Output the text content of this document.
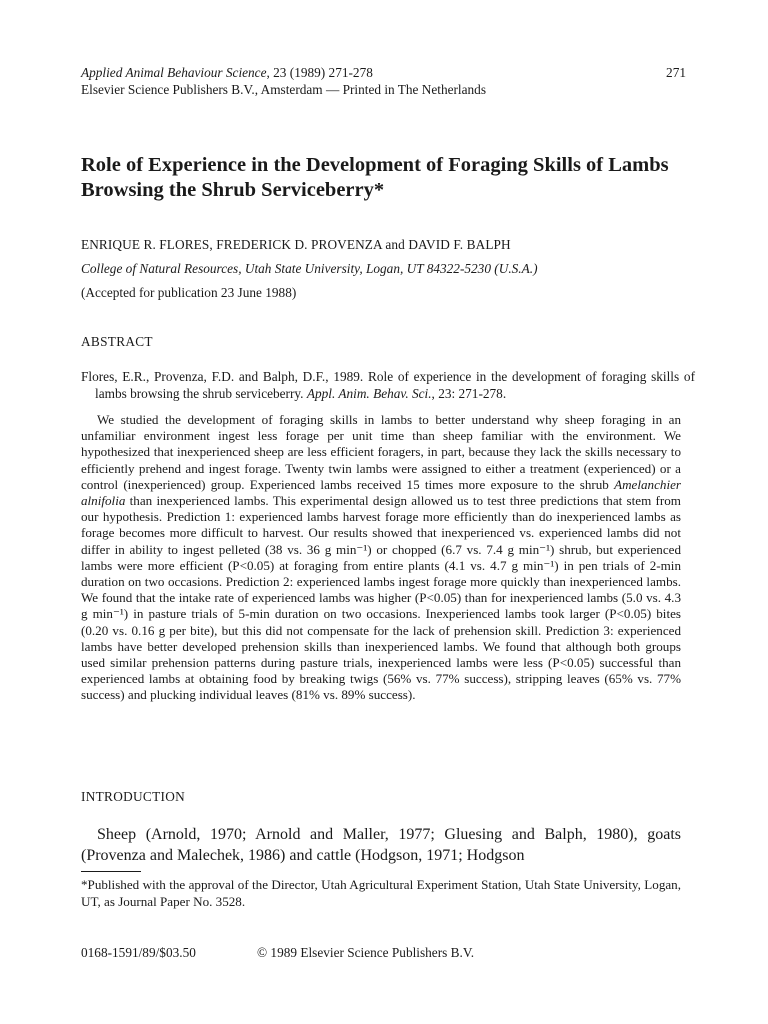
Applied Animal Behaviour Science, 23 (1989) 271-278
Elsevier Science Publishers B.V., Amsterdam — Printed in The Netherlands
271
Role of Experience in the Development of Foraging Skills of Lambs Browsing the Shrub Serviceberry*
ENRIQUE R. FLORES, FREDERICK D. PROVENZA and DAVID F. BALPH
College of Natural Resources, Utah State University, Logan, UT 84322-5230 (U.S.A.)
(Accepted for publication 23 June 1988)
ABSTRACT

Flores, E.R., Provenza, F.D. and Balph, D.F., 1989. Role of experience in the development of foraging skills of lambs browsing the shrub serviceberry. Appl. Anim. Behav. Sci., 23: 271-278.

We studied the development of foraging skills in lambs to better understand why sheep foraging in an unfamiliar environment ingest less forage per unit time than sheep familiar with the environment. We hypothesized that inexperienced sheep are less efficient foragers, in part, because they lack the skills necessary to efficiently prehend and ingest forage. Twenty twin lambs were assigned to either a treatment (experienced) or a control (inexperienced) group. Experienced lambs received 15 times more exposure to the shrub Amelanchier alnifolia than inexperienced lambs. This experimental design allowed us to test three predictions that stem from our hypothesis. Prediction 1: experienced lambs harvest forage more efficiently than do inexperienced lambs as forage becomes more difficult to harvest. Our results showed that inexperienced vs. experienced lambs did not differ in ability to ingest pelleted (38 vs. 36 g min⁻¹) or chopped (6.7 vs. 7.4 g min⁻¹) shrub, but experienced lambs were more efficient (P<0.05) at foraging from entire plants (4.1 vs. 4.7 g min⁻¹) in pen trials of 2-min duration on two occasions. Prediction 2: experienced lambs ingest forage more quickly than inexperienced lambs. We found that the intake rate of experienced lambs was higher (P<0.05) than for inexperienced lambs (5.0 vs. 4.3 g min⁻¹) in pasture trials of 5-min duration on two occasions. Inexperienced lambs took larger (P<0.05) bites (0.20 vs. 0.16 g per bite), but this did not compensate for the lack of prehension skill. Prediction 3: experienced lambs have better developed prehension skills than inexperienced lambs. We found that although both groups used similar prehension patterns during pasture trials, inexperienced lambs were less (P<0.05) successful than experienced lambs at obtaining food by breaking twigs (56% vs. 77% success), stripping leaves (65% vs. 77% success) and plucking individual leaves (81% vs. 89% success).

INTRODUCTION

Sheep (Arnold, 1970; Arnold and Maller, 1977; Gluesing and Balph, 1980), goats (Provenza and Malechek, 1986) and cattle (Hodgson, 1971; Hodgson

*Published with the approval of the Director, Utah Agricultural Experiment Station, Utah State University, Logan, UT, as Journal Paper No. 3528.

0168-1591/89/$03.50	© 1989 Elsevier Science Publishers B.V.
